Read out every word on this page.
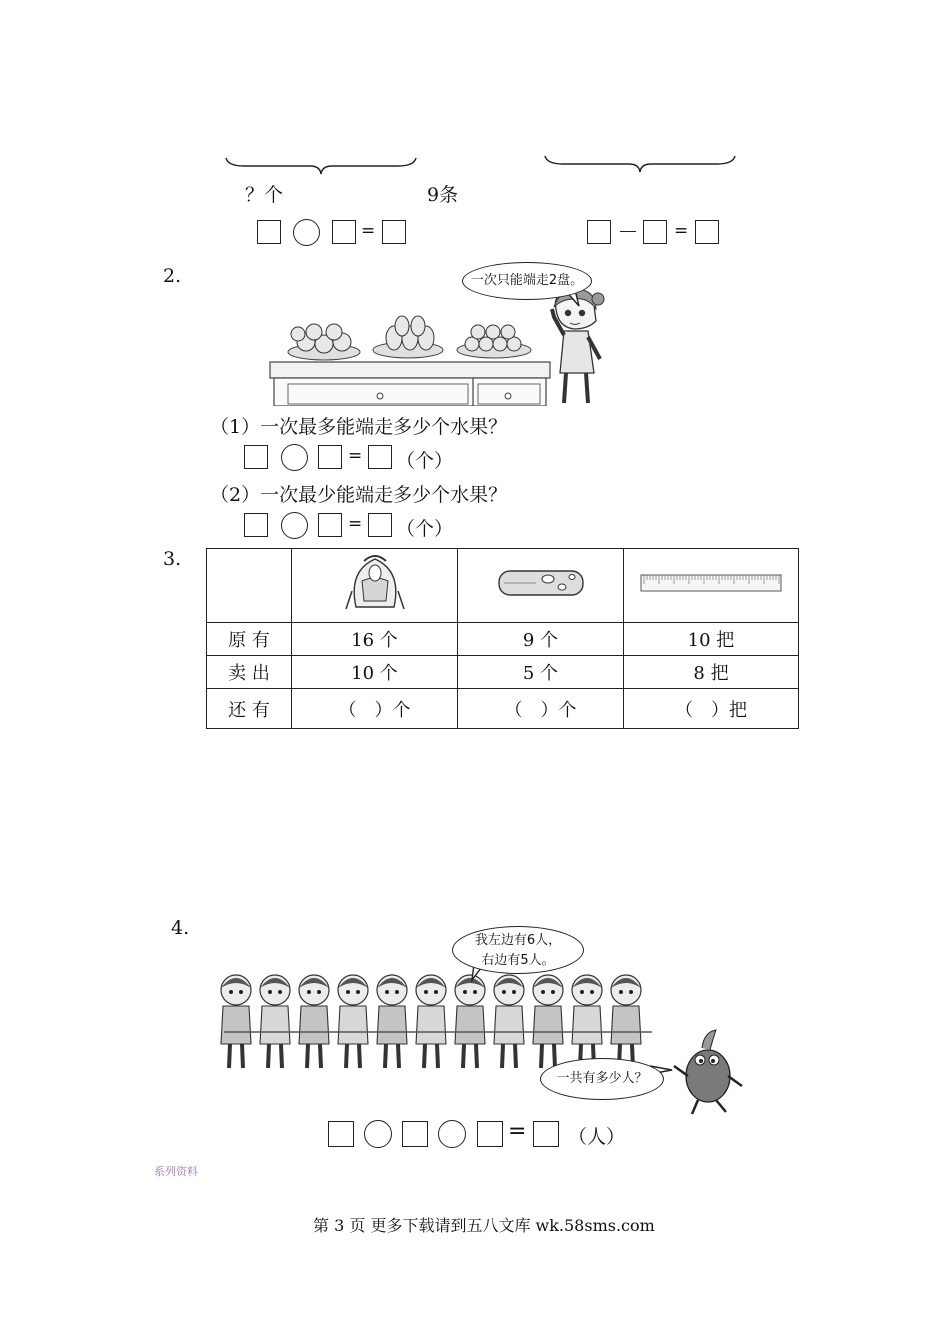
？个	9条
=	=
2.	一次只能端走2盘。
（1）一次最多能端走多少个水果？
= （个）
（2）一次最少能端走多少个水果？
= （个）
3.

原 有	16 个	9 个	10 把
卖 出	10 个	5 个	8 把
还 有	（　）个	（　）个	（　）把
4.
我左边有6人，
右边有5人。
一共有多少人？
= （人）
系列资料
第 3 页 更多下载请到五八文库 wk.58sms.com
